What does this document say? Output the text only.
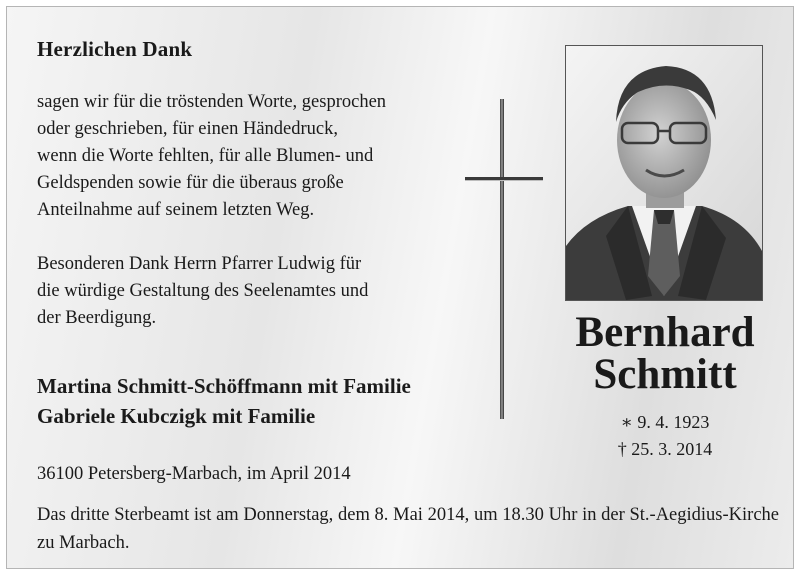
Herzlichen Dank

sagen wir für die tröstenden Worte, gesprochen
oder geschrieben, für einen Händedruck,
wenn die Worte fehlten, für alle Blumen- und
Geldspenden sowie für die überaus große
Anteilnahme auf seinem letzten Weg.

Besonderen Dank Herrn Pfarrer Ludwig für
die würdige Gestaltung des Seelenamtes und
der Beerdigung.

Martina Schmitt-Schöffmann mit Familie
Gabriele Kubczigk mit Familie
36100 Petersberg-Marbach, im April 2014
Das dritte Sterbeamt ist am Donnerstag, dem 8. Mai 2014, um 18.30 Uhr in der St.-Aegidius-Kirche zu Marbach.
Bernhard
Schmitt
∗ 9. 4. 1923
† 25. 3. 2014
